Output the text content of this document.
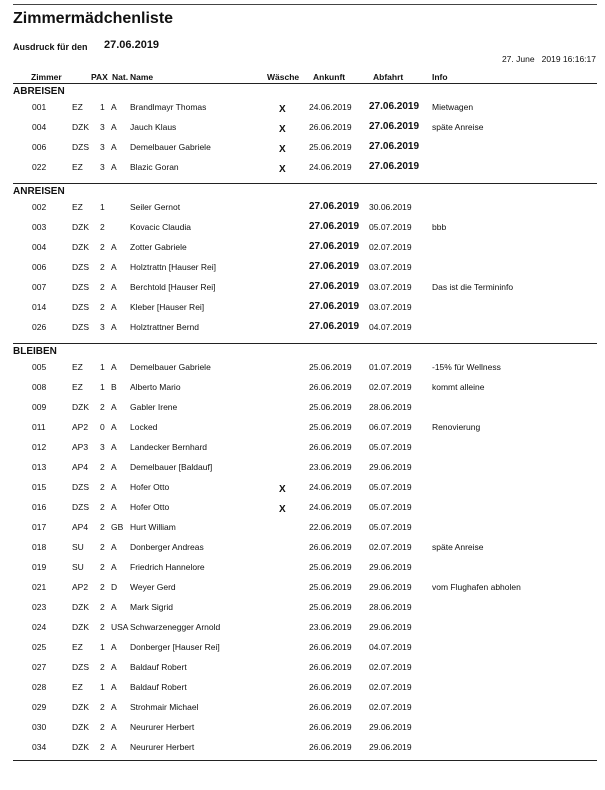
Zimmermädchenliste
Ausdruck für den 27.06.2019
27. June   2019 16:16:17
Zimmer	PAX Nat. Name	Wäsche Ankunft	Abfahrt	Info
ABREISEN
001	EZ 1 A Brandlmayr Thomas	X	24.06.2019 27.06.2019 Mietwagen
004	DZK 3 A Jauch Klaus	X	26.06.2019 27.06.2019 späte Anreise
006	DZS 3 A Demelbauer Gabriele	X	25.06.2019 27.06.2019
022	EZ 3 A Blazic Goran	X	24.06.2019 27.06.2019
ANREISEN
002	EZ 1	Seiler Gernot	27.06.2019 30.06.2019
003	DZK 2	Kovacic Claudia	27.06.2019 05.07.2019 bbb
004	DZK 2 A Zotter Gabriele	27.06.2019 02.07.2019
006	DZS 2 A Holztrattn [Hauser Rei]	27.06.2019 03.07.2019
007	DZS 2 A Berchtold [Hauser Rei]	27.06.2019 03.07.2019 Das ist die Termininfo
014	DZS 2 A Kleber [Hauser Rei]	27.06.2019 03.07.2019
026	DZS 3 A Holztrattner Bernd	27.06.2019 04.07.2019
BLEIBEN
005	EZ 1 A Demelbauer Gabriele	25.06.2019 01.07.2019 -15% für Wellness
008	EZ 1 B Alberto Mario	26.06.2019 02.07.2019 kommt alleine
009	DZK 2 A Gabler Irene	25.06.2019 28.06.2019
011	AP2 0 A Locked	25.06.2019 06.07.2019 Renovierung
012	AP3 3 A Landecker Bernhard	26.06.2019 05.07.2019
013	AP4 2 A Demelbauer [Baldauf]	23.06.2019 29.06.2019
015	DZS 2 A Hofer Otto	X	24.06.2019 05.07.2019
016	DZS 2 A Hofer Otto	X	24.06.2019 05.07.2019
017	AP4 2 GB Hurt William	22.06.2019 05.07.2019
018	SU 2 A Donberger Andreas	26.06.2019 02.07.2019 späte Anreise
019	SU 2 A Friedrich Hannelore	25.06.2019 29.06.2019
021	AP2 2 D Weyer Gerd	25.06.2019 29.06.2019 vom Flughafen abholen
023	DZK 2 A Mark Sigrid	25.06.2019 28.06.2019
024	DZK 2 USA Schwarzenegger Arnold	23.06.2019 29.06.2019
025	EZ 1 A Donberger [Hauser Rei]	26.06.2019 04.07.2019
027	DZS 2 A Baldauf Robert	26.06.2019 02.07.2019
028	EZ 1 A Baldauf Robert	26.06.2019 02.07.2019
029	DZK 2 A Strohmair Michael	26.06.2019 02.07.2019
030	DZK 2 A Neururer Herbert	26.06.2019 29.06.2019
034	DZK 2 A Neururer Herbert	26.06.2019 29.06.2019
